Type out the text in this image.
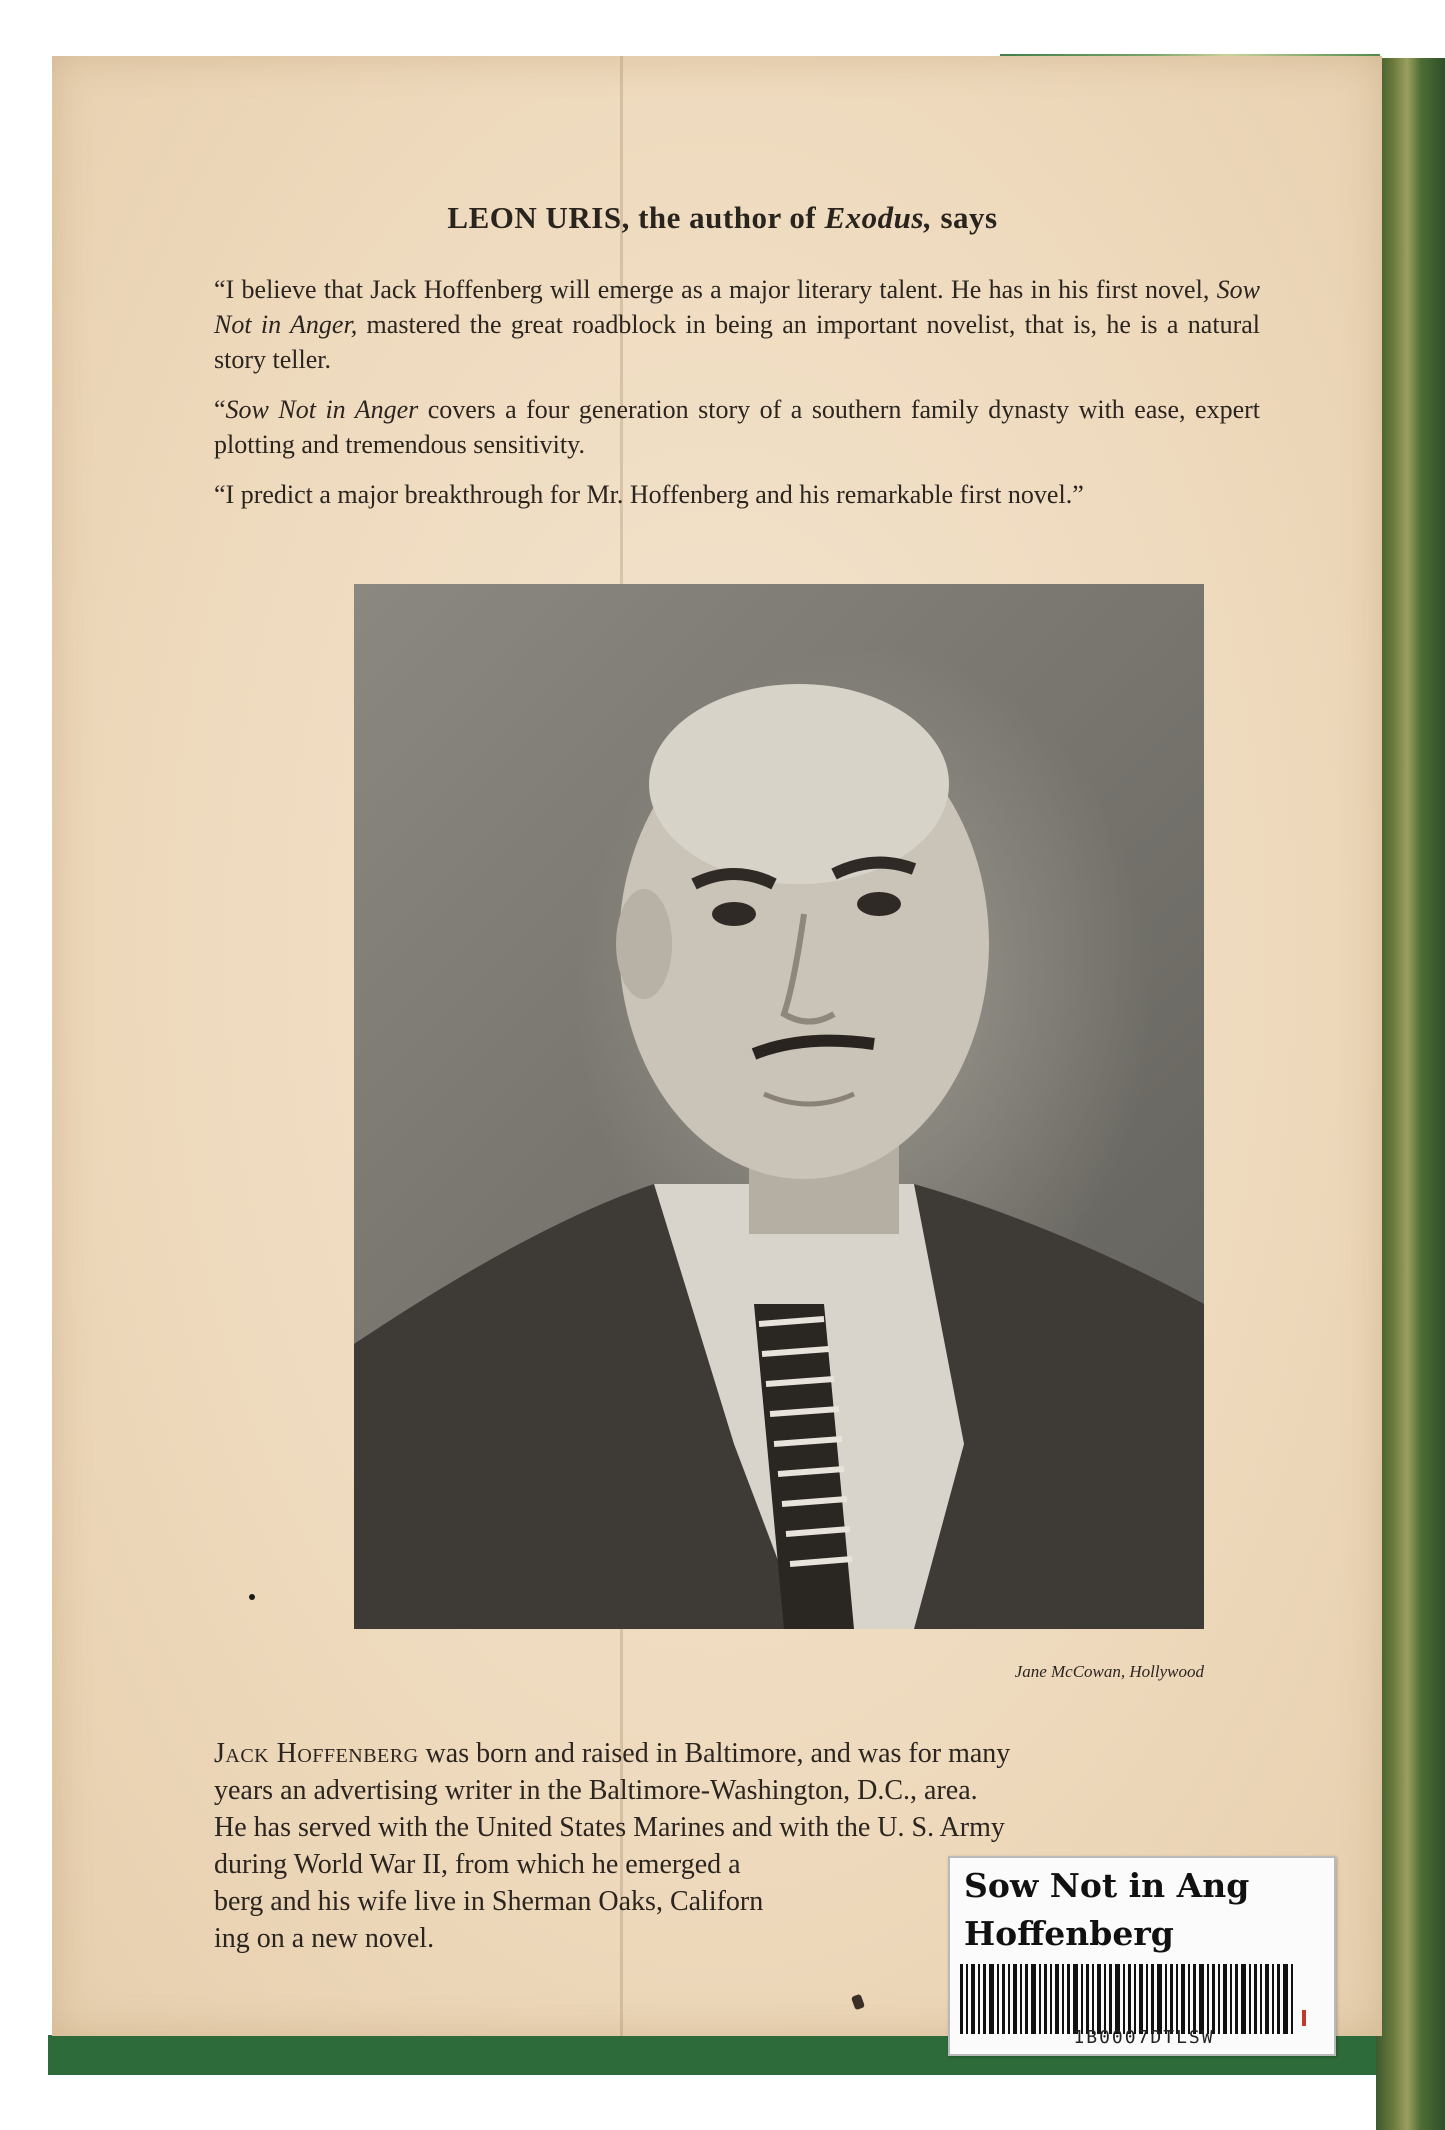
LEON URIS, the author of Exodus, says

“I believe that Jack Hoffenberg will emerge as a major literary talent. He has in his first novel, Sow Not in Anger, mastered the great roadblock in being an important novelist, that is, he is a natural story teller.

“Sow Not in Anger covers a four generation story of a southern family dynasty with ease, expert plotting and tremendous sensitivity.

“I predict a major breakthrough for Mr. Hoffenberg and his remarkable first novel.”

Jane McCowan, Hollywood
Jack Hoffenberg was born and raised in Baltimore, and was for many
years an advertising writer in the Baltimore-Washington, D.C., area.
He has served with the United States Marines and with the U. S. Army
during World War II, from which he emerged a
berg and his wife live in Sherman Oaks, Californ
ing on a new novel.
Sow Not in Ang
Hoffenberg
1B0007DTLSW
